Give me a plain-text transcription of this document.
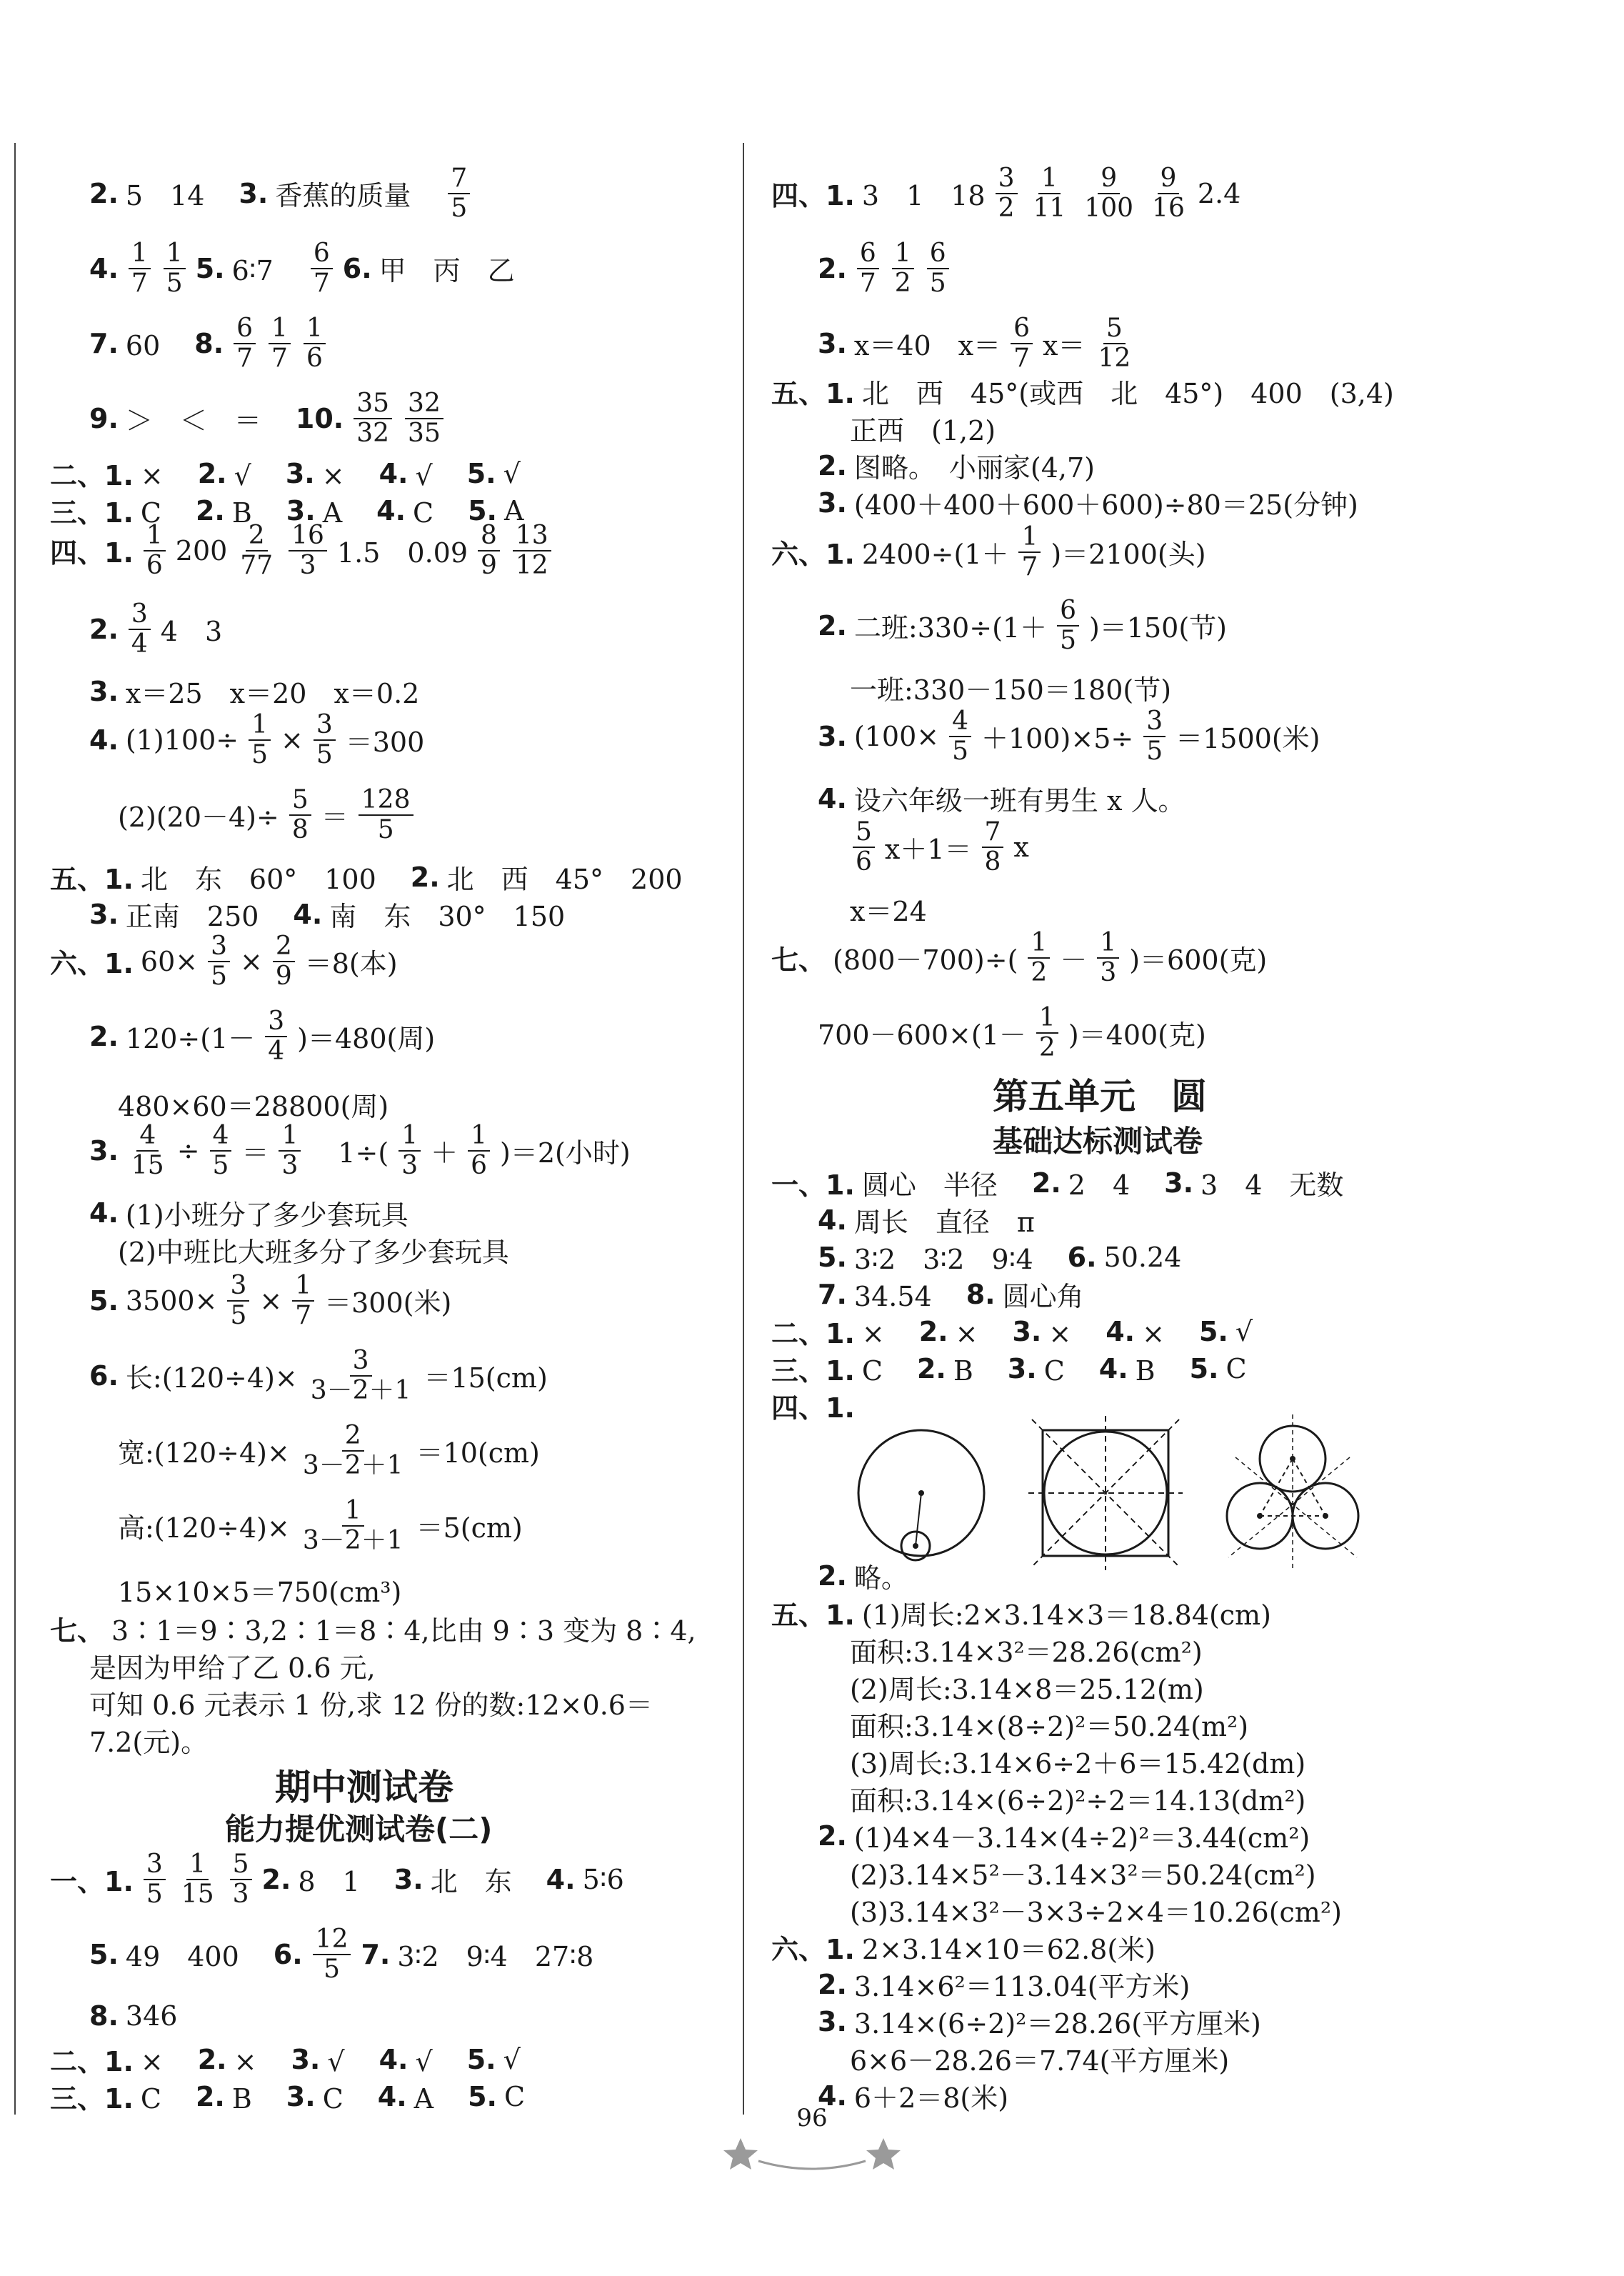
2. 5　14　 3. 香蕉的质量　 $\frac{7}{5}$
4. $\frac{1}{7} \frac{1}{5} 5$. 6∶7　 $\frac{6}{7} 6$. 甲　丙　乙
7. 60　 8. $\frac{6}{7} \frac{1}{7} \frac{1}{6}$
9. ＞　＜　＝　 10. $\frac{35}{32} \frac{32}{35}$
二、1. ×　 2. √　 3. ×　 4. √　 5. √
三、1. C　 2. B　 3. A　 4. C　 5. A
四、1. $\frac{1}{6} 200 \frac{2}{77} \frac{16}{3} 1.5$　$0.09 \frac{8}{9} \frac{13}{12}$
2. $\frac{3}{4} 4$　3
3. x＝25　x＝20　x＝0.2
4. $(1)100\div \frac{1}{5} \times \frac{3}{5} =300$
$(2)(20-4)\div \frac{5}{8} = \frac{128}{5}$
五、1. 北　东　60°　100　 2. 北　西　45°　200
3. 正南　250　 4. 南　东　30°　150
六、1. $60\times \frac{3}{5} \times \frac{2}{9} =8$(本)
2. $120\div(1- \frac{3}{4} )=480$(周)
480×60＝28800(周)
3. $\frac{4}{15} \div \frac{4}{5} = \frac{1}{3}$ 　$1\div( \frac{1}{3} + \frac{1}{6} )=2$(小时)
4. (1)小班分了多少套玩具
(2)中班比大班多分了多少套玩具
5. $3500\times \frac{3}{5} \times \frac{1}{7} =300$(米)
6. 长:(120÷4)× $\frac{3}{3-2+1} =15(cm)$
宽:(120÷4)× $\frac{2}{3-2+1} =10(cm)$
高:(120÷4)× $\frac{1}{3-2+1} =5(cm)$
15×10×5＝750(cm³)
七、 3∶1＝9∶3,2∶1＝8∶4,比由 9∶3 变为 8∶4,
是因为甲给了乙 0.6 元,
可知 0.6 元表示 1 份,求 12 份的数:12×0.6＝
7.2(元)。
期中测试卷
能力提优测试卷(二)
一、1. $\frac{3}{5} \frac{1}{15} \frac{5}{3} 2$. 8　1　 3. 北　东　 4. 5∶6
5. 49　400　 6. $\frac{12}{5} 7$. 3∶2　9∶4　27∶8
8. 346
二、1. ×　 2. ×　 3. √　 4. √　 5. √
三、1. C　 2. B　 3. C　 4. A　 5. C
四、1. 3　1　$18 \frac{3}{2} \frac{1}{11} \frac{9}{100} \frac{9}{16} 2.4$
2. $\frac{6}{7} \frac{1}{2} \frac{6}{5}$
3. x＝40　$x= \frac{6}{7} x= \frac{5}{12}$
五、1. 北　西　45°(或西　北　45°)　400　(3,4)
正西　(1,2)
2. 图略。　小丽家(4,7)
3. (400＋400＋600＋600)÷80＝25(分钟)
六、1. $2400\div(1+ \frac{1}{7} )=2100$(头)
2. 二班:330÷(1＋ $\frac{6}{5} )=150$(节)
一班:330－150＝180(节)
3. $(100\times \frac{4}{5} +100)\times 5\div \frac{3}{5} =1500$(米)
4. 设六年级一班有男生 x 人。
$\frac{5}{6} x+1= \frac{7}{8}$ x
x＝24
七、 $(800-700)\div( \frac{1}{2} - \frac{1}{3} )=600$(克)
$700-600\times(1- \frac{1}{2} )=400$(克)
第五单元　圆
基础达标测试卷
一、1. 圆心　半径　 2. 2　4　 3. 3　4　无数
4. 周长　直径　π
5. 3∶2　3∶2　9∶4　 6. 50.24
7. 34.54　 8. 圆心角
二、1. ×　 2. ×　 3. ×　 4. ×　 5. √
三、1. C　 2. B　 3. C　 4. B　 5. C
四、1.
2. 略。
五、1. (1)周长:2×3.14×3＝18.84(cm)
面积:3.14×3²＝28.26(cm²)
(2)周长:3.14×8＝25.12(m)
面积:3.14×(8÷2)²＝50.24(m²)
(3)周长:3.14×6÷2＋6＝15.42(dm)
面积:3.14×(6÷2)²÷2＝14.13(dm²)
2. (1)4×4－3.14×(4÷2)²＝3.44(cm²)
(2)3.14×5²－3.14×3²＝50.24(cm²)
(3)3.14×3²－3×3÷2×4＝10.26(cm²)
六、1. 2×3.14×10＝62.8(米)
2. 3.14×6²＝113.04(平方米)
3. 3.14×(6÷2)²＝28.26(平方厘米)
6×6－28.26＝7.74(平方厘米)
4. 6＋2＝8(米)
96
